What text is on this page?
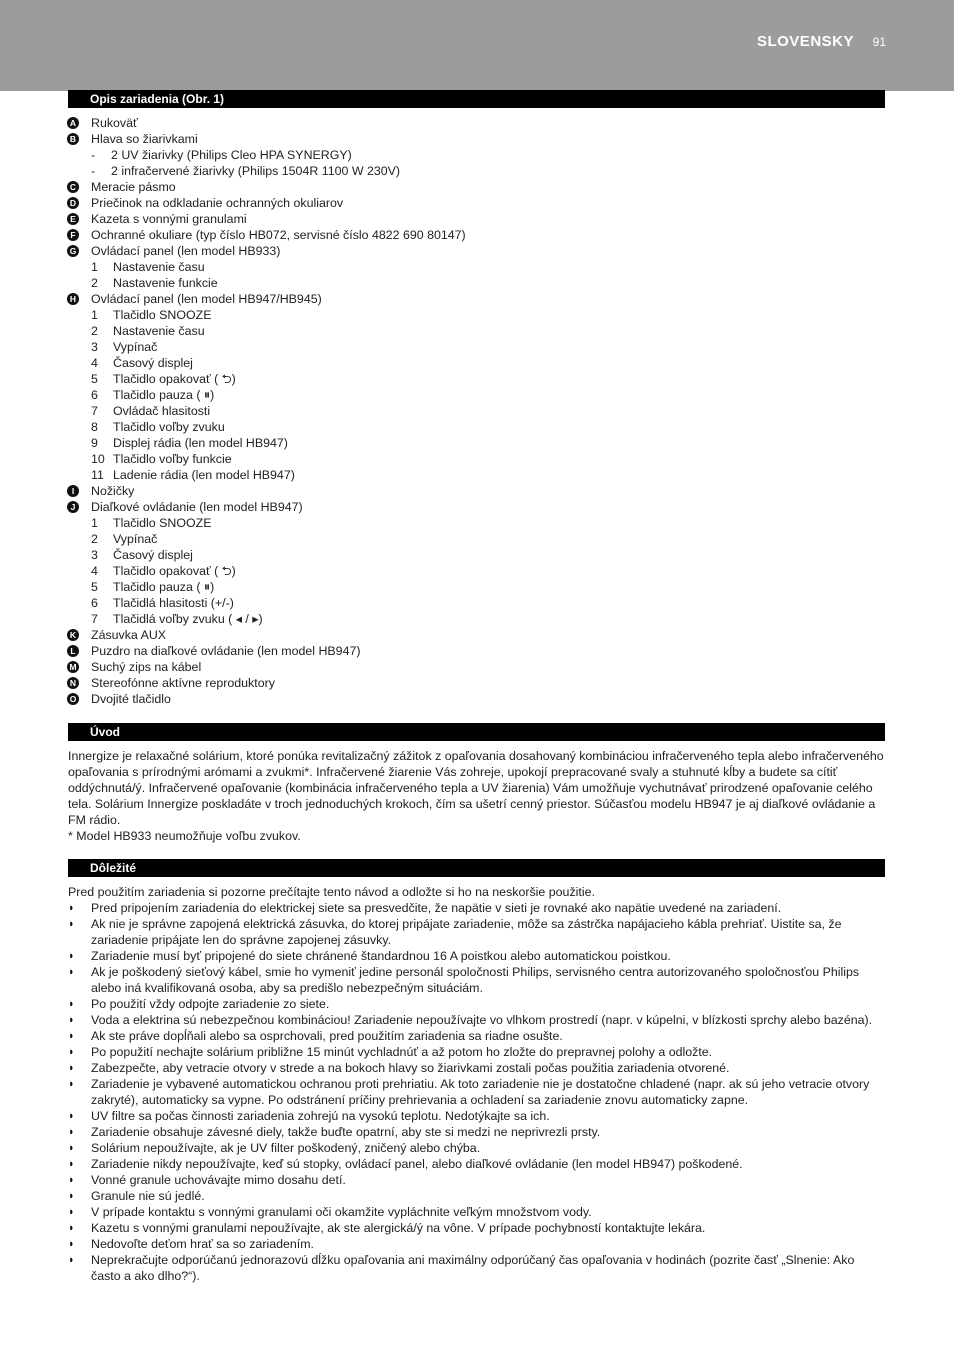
SLOVENSKY 91
Opis zariadenia (Obr. 1)
A Rukoväť
B Hlava so žiarivkami
- 2 UV žiarivky (Philips Cleo HPA SYNERGY)
- 2 infračervené žiarivky (Philips 1504R 1100 W 230V)
C Meracie pásmo
D Priečinok na odkladanie ochranných okuliarov
E Kazeta s vonnými granulami
F Ochranné okuliare (typ číslo HB072, servisné číslo 4822 690 80147)
G Ovládací panel (len model HB933)
1 Nastavenie času
2 Nastavenie funkcie
H Ovládací panel (len model HB947/HB945)
1 Tlačidlo SNOOZE
2 Nastavenie času
3 Vypínač
4 Časový displej
5 Tlačidlo opakovať ( ⮌)
6 Tlačidlo pauza ( ⏸)
7 Ovládač hlasitosti
8 Tlačidlo voľby zvuku
9 Displej rádia (len model HB947)
10 Tlačidlo voľby funkcie
11 Ladenie rádia (len model HB947)
I	Nožičky
J Diaľkové ovládanie (len model HB947)
1 Tlačidlo SNOOZE
2 Vypínač
3 Časový displej
4 Tlačidlo opakovať ( ⮌)
5 Tlačidlo pauza ( ⏸)
6 Tlačidlá hlasitosti (+/-)
7 Tlačidlá voľby zvuku ( ◂ / ▸)
K Zásuvka AUX
L Puzdro na diaľkové ovládanie (len model HB947)
M Suchý zips na kábel
N Stereofónne aktívne reproduktory
O Dvojité tlačidlo
Úvod

Innergize je relaxačné solárium, ktoré ponúka revitalizačný zážitok z opaľovania dosahovaný kombináciou infračerveného tepla alebo infračerveného opaľovania s prírodnými arómami a zvukmi*. Infračervené žiarenie Vás zohreje, upokojí prepracované svaly a stuhnuté kĺby a budete sa cítiť oddýchnutá/ý. Infračervené opaľovanie (kombinácia infračerveného tepla a UV žiarenia) Vám umožňuje vychutnávať prirodzené opaľovanie celého tela. Solárium Innergize poskladáte v troch jednoduchých krokoch, čím sa ušetrí cenný priestor. Súčasťou modelu HB947 je aj diaľkové ovládanie a FM rádio.

* Model HB933 neumožňuje voľbu zvukov.

Dôležité

Pred použitím zariadenia si pozorne prečítajte tento návod a odložte si ho na neskoršie použitie.

◗ Pred pripojením zariadenia do elektrickej siete sa presvedčite, že napätie v sieti je rovnaké ako napätie uvedené na zariadení.
◗ Ak nie je správne zapojená elektrická zásuvka, do ktorej pripájate zariadenie, môže sa zástrčka napájacieho kábla prehriať. Uistite sa, že zariadenie pripájate len do správne zapojenej zásuvky.
◗ Zariadenie musí byť pripojené do siete chránené štandardnou 16 A poistkou alebo automatickou poistkou.
◗ Ak je poškodený sieťový kábel, smie ho vymeniť jedine personál spoločnosti Philips, servisného centra autorizovaného spoločnosťou Philips alebo iná kvalifikovaná osoba, aby sa predišlo nebezpečným situáciám.
◗ Po použití vždy odpojte zariadenie zo siete.
◗ Voda a elektrina sú nebezpečnou kombináciou! Zariadenie nepoužívajte vo vlhkom prostredí (napr. v kúpelni, v blízkosti sprchy alebo bazéna).
◗ Ak ste práve dopĺňali alebo sa osprchovali, pred použitím zariadenia sa riadne osušte.
◗ Po popužití nechajte solárium približne 15 minút vychladnúť a až potom ho zložte do prepravnej polohy a odložte.
◗ Zabezpečte, aby vetracie otvory v strede a na bokoch hlavy so žiarivkami zostali počas použitia zariadenia otvorené.
◗ Zariadenie je vybavené automatickou ochranou proti prehriatiu. Ak toto zariadenie nie je dostatočne chladené (napr. ak sú jeho vetracie otvory zakryté), automaticky sa vypne. Po odstránení príčiny prehrievania a ochladení sa zariadenie znovu automaticky zapne.
◗ UV filtre sa počas činnosti zariadenia zohrejú na vysokú teplotu. Nedotýkajte sa ich.
◗ Zariadenie obsahuje závesné diely, takže buďte opatrní, aby ste si medzi ne neprivrezli prsty.
◗ Solárium nepoužívajte, ak je UV filter poškodený, zničený alebo chýba.
◗ Zariadenie nikdy nepoužívajte, keď sú stopky, ovládací panel, alebo diaľkové ovládanie (len model HB947) poškodené.
◗ Vonné granule uchovávajte mimo dosahu detí.
◗ Granule nie sú jedlé.
◗ V prípade kontaktu s vonnými granulami oči okamžite vypláchnite veľkým množstvom vody.
◗ Kazetu s vonnými granulami nepoužívajte, ak ste alergická/ý na vône. V prípade pochybností kontaktujte lekára.
◗ Nedovoľte deťom hrať sa so zariadením.
◗ Neprekračujte odporúčanú jednorazovú dĺžku opaľovania ani maximálny odporúčaný čas opaľovania v hodinách (pozrite časť „Slnenie: Ako často a ako dlho?“).
